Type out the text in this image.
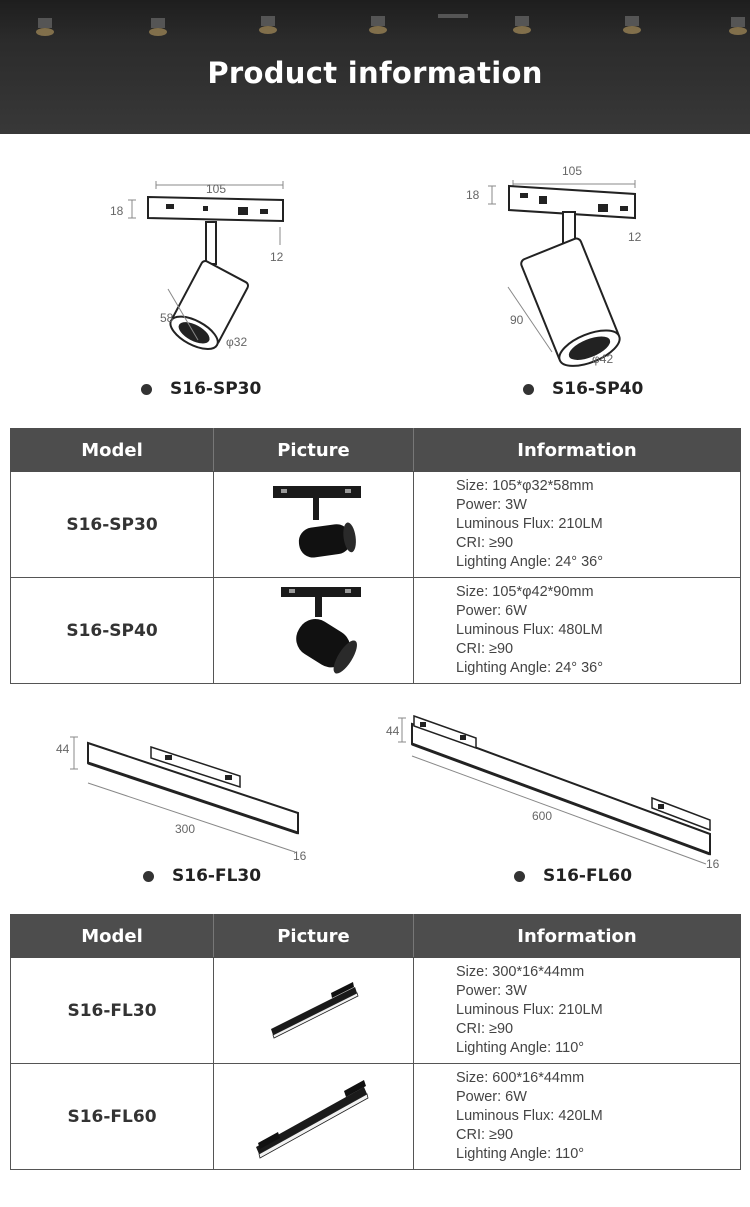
Product information
105
18
12
58
φ32
105
18
12
90
φ42
S16-SP30	S16-SP40
Model	Picture	Information
S16-SP30		Size: 105*φ32*58mm
Power: 3W
Luminous Flux: 210LM
CRI: ≥90
Lighting Angle: 24° 36°

S16-SP40		Size: 105*φ42*90mm
Power: 6W
Luminous Flux: 480LM
CRI: ≥90
Lighting Angle: 24° 36°
44
300
16
44
600
16
S16-FL30	S16-FL60
Model	Picture	Information
S16-FL30		Size: 300*16*44mm
Power: 3W
Luminous Flux: 210LM
CRI: ≥90
Lighting Angle: 110°

S16-FL60		Size: 600*16*44mm
Power: 6W
Luminous Flux: 420LM
CRI: ≥90
Lighting Angle: 110°
